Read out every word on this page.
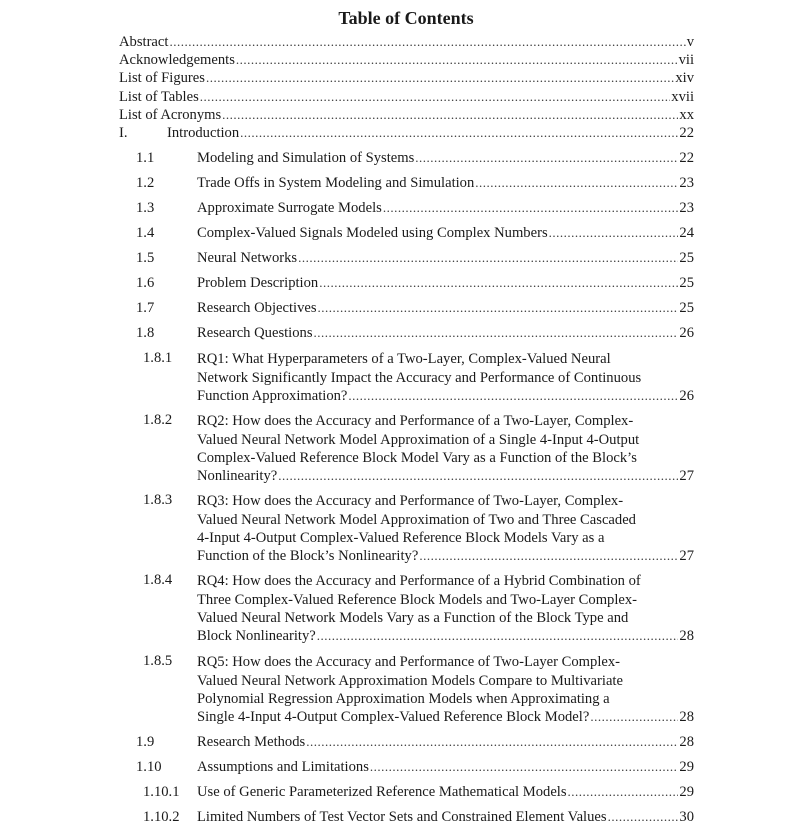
Table of Contents
Abstract .....	v
Acknowledgements .....	vii
List of Figures .....	xiv
List of Tables .....	xvii
List of Acronyms .....	xx
I.	Introduction .....	22
1.1	Modeling and Simulation of Systems .....	22
1.2	Trade Offs in System Modeling and Simulation .....	23
1.3	Approximate Surrogate Models .....	23
1.4	Complex-Valued Signals Modeled using Complex Numbers .....	24
1.5	Neural Networks .....	25
1.6	Problem Description .....	25
1.7	Research Objectives .....	25
1.8	Research Questions .....	26
1.8.1 RQ1: What Hyperparameters of a Two-Layer, Complex-Valued Neural
Network Significantly Impact the Accuracy and Performance of Continuous
Function Approximation? .....	26
1.8.2 RQ2: How does the Accuracy and Performance of a Two-Layer, Complex-
Valued Neural Network Model Approximation of a Single 4-Input 4-Output
Complex-Valued Reference Block Model Vary as a Function of the Block’s
Nonlinearity? .....	27
1.8.3 RQ3: How does the Accuracy and Performance of Two-Layer, Complex-
Valued Neural Network Model Approximation of Two and Three Cascaded
4-Input 4-Output Complex-Valued Reference Block Models Vary as a
Function of the Block’s Nonlinearity? .....	27
1.8.4 RQ4: How does the Accuracy and Performance of a Hybrid Combination of
Three Complex-Valued Reference Block Models and Two-Layer Complex-
Valued Neural Network Models Vary as a Function of the Block Type and
Block Nonlinearity? .....	28
1.8.5 RQ5: How does the Accuracy and Performance of Two-Layer Complex-
Valued Neural Network Approximation Models Compare to Multivariate
Polynomial Regression Approximation Models when Approximating a
Single 4-Input 4-Output Complex-Valued Reference Block Model? .....	28
1.9	Research Methods .....	28
1.10 Assumptions and Limitations .....	29
1.10.1 Use of Generic Parameterized Reference Mathematical Models .....	29
1.10.2 Limited Numbers of Test Vector Sets and Constrained Element Values .....	30
